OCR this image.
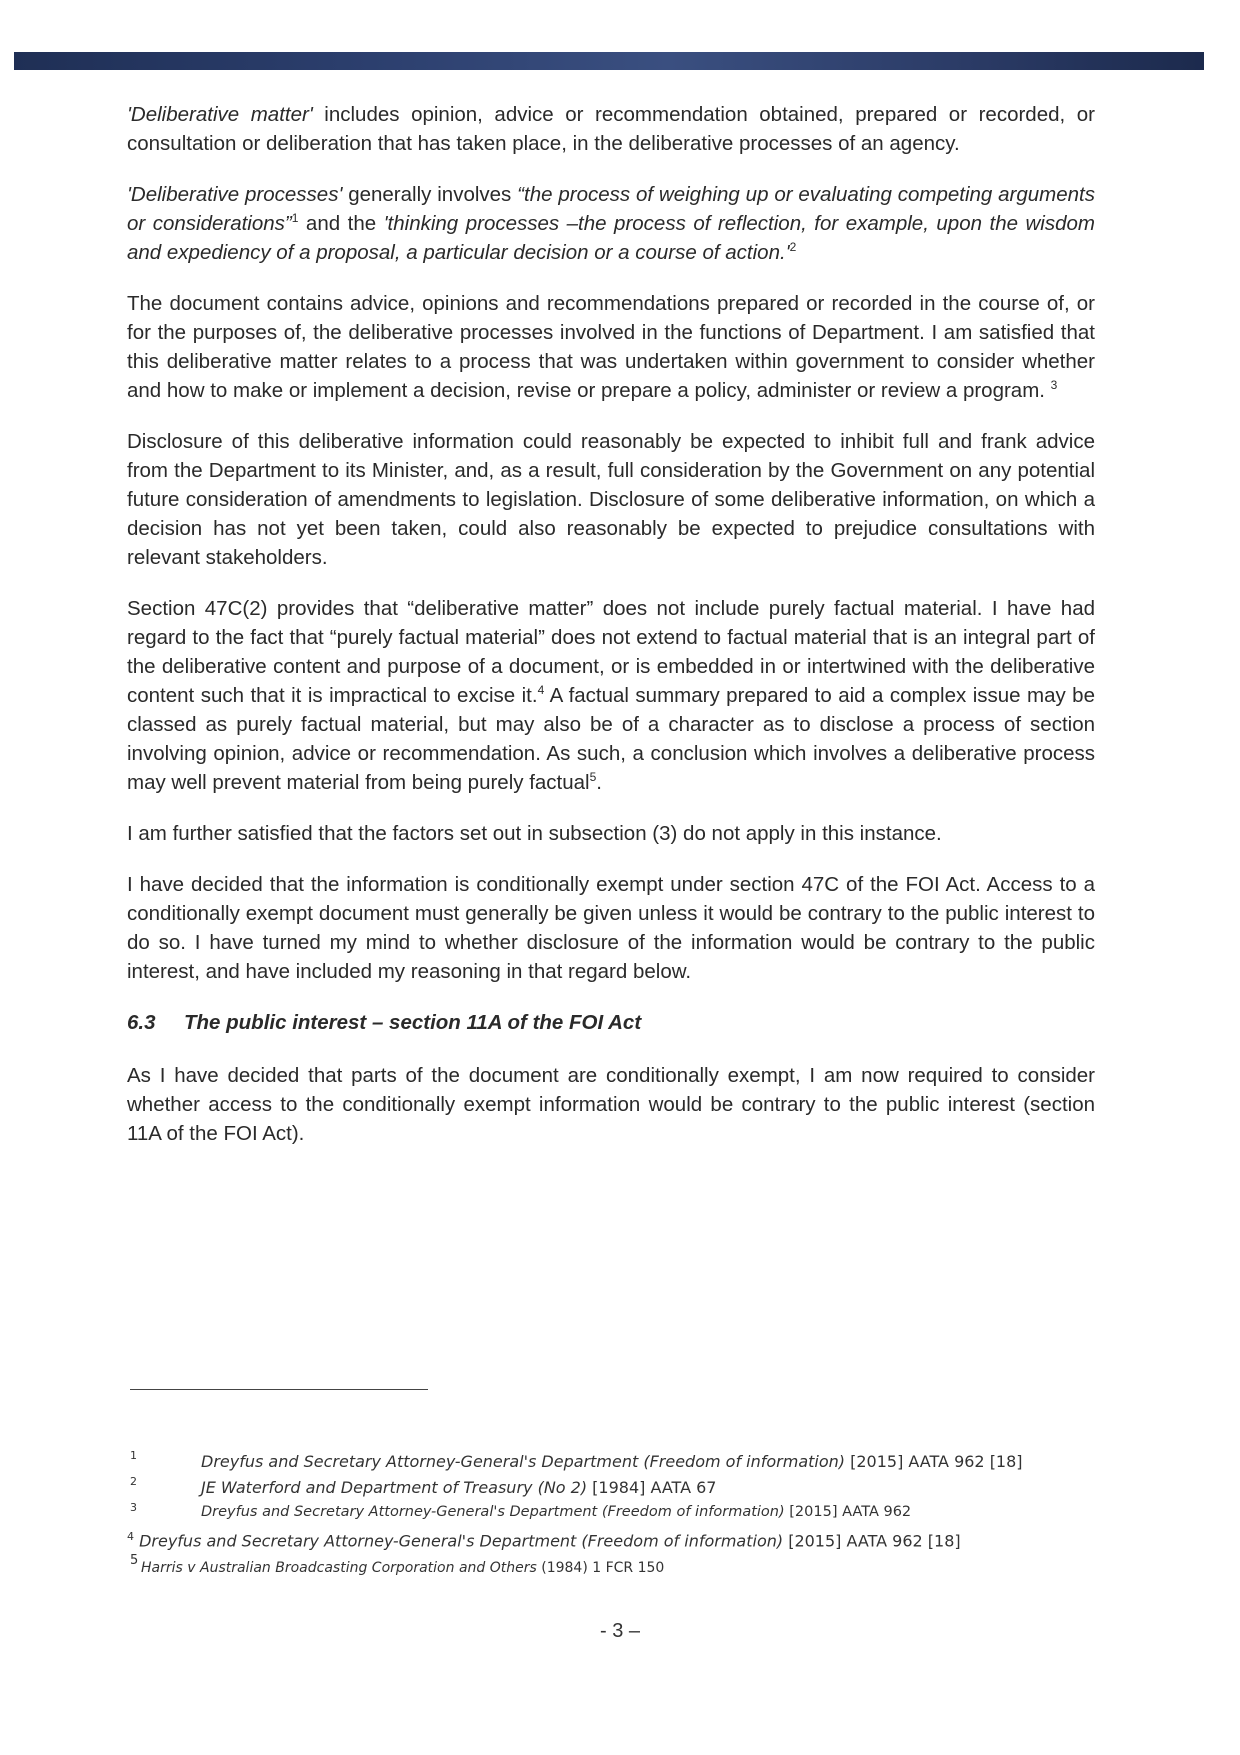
'Deliberative matter' includes opinion, advice or recommendation obtained, prepared or recorded, or consultation or deliberation that has taken place, in the deliberative processes of an agency.

'Deliberative processes' generally involves “the process of weighing up or evaluating competing arguments or considerations”$^1$ and the 'thinking processes –the process of reflection, for example, upon the wisdom and expediency of a proposal, a particular decision or a course of $action.'^2$

The document contains advice, opinions and recommendations prepared or recorded in the course of, or for the purposes of, the deliberative processes involved in the functions of Department. I am satisfied that this deliberative matter relates to a process that was undertaken within government to consider whether and how to make or implement a decision, revise or prepare a policy, administer or review a program. $^3$

Disclosure of this deliberative information could reasonably be expected to inhibit full and frank advice from the Department to its Minister, and, as a result, full consideration by the Government on any potential future consideration of amendments to legislation. Disclosure of some deliberative information, on which a decision has not yet been taken, could also reasonably be expected to prejudice consultations with relevant stakeholders.

Section 47C(2) provides that “deliberative matter” does not include purely factual material. I have had regard to the fact that “purely factual material” does not extend to factual material that is an integral part of the deliberative content and purpose of a document, or is embedded in or intertwined with the deliberative content such that it is impractical to excise it.$^4$ A factual summary prepared to aid a complex issue may be classed as purely factual material, but may also be of a character as to disclose a process of section involving opinion, advice or recommendation. As such, a conclusion which involves a deliberative process may well prevent material from being purely factual$^5$.

I am further satisfied that the factors set out in subsection (3) do not apply in this instance.

I have decided that the information is conditionally exempt under section 47C of the FOI Act. Access to a conditionally exempt document must generally be given unless it would be contrary to the public interest to do so. I have turned my mind to whether disclosure of the information would be contrary to the public interest, and have included my reasoning in that regard below.

6.3 The public interest – section 11A of the FOI Act

As I have decided that parts of the document are conditionally exempt, I am now required to consider whether access to the conditionally exempt information would be contrary to the public interest (section 11A of the FOI Act).

1	Dreyfus and Secretary Attorney-General's Department (Freedom of information) [2015] AATA 962 [18]
2	JE Waterford and Department of Treasury (No 2) [1984] AATA 67
3	Dreyfus and Secretary Attorney-General's Department (Freedom of information) [2015] AATA 962
$^4$ Dreyfus and Secretary Attorney-General's Department (Freedom of information) [2015] AATA 962 [18]
5 Harris v Australian Broadcasting Corporation and Others (1984) 1 FCR 150
- 3 –
